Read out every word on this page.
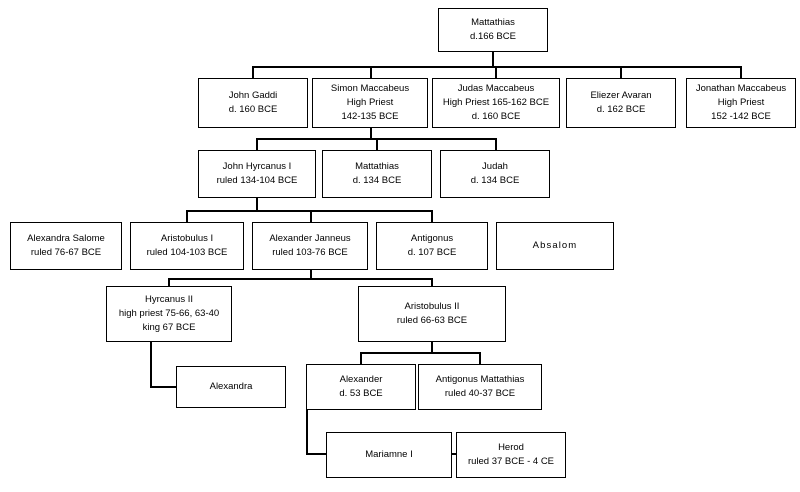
Mattathias
d.166 BCE
John Gaddi
d. 160 BCE
Simon Maccabeus
High Priest
142-135 BCE
Judas Maccabeus
High Priest 165-162 BCE
d. 160 BCE
Eliezer Avaran
d. 162 BCE
Jonathan Maccabeus
High Priest
152 -142 BCE
John Hyrcanus I
ruled 134-104 BCE
Mattathias
d. 134 BCE
Judah
d. 134 BCE
Alexandra Salome
ruled 76-67 BCE
Aristobulus I
ruled 104-103 BCE
Alexander Janneus
ruled 103-76 BCE
Antigonus
d. 107 BCE
Absalom
Hyrcanus II
high priest 75-66, 63-40
king 67 BCE
Aristobulus II
ruled 66-63 BCE
Alexandra
Alexander
d. 53 BCE
Antigonus Mattathias
ruled 40-37 BCE
Mariamne I
Herod
ruled 37 BCE - 4 CE
